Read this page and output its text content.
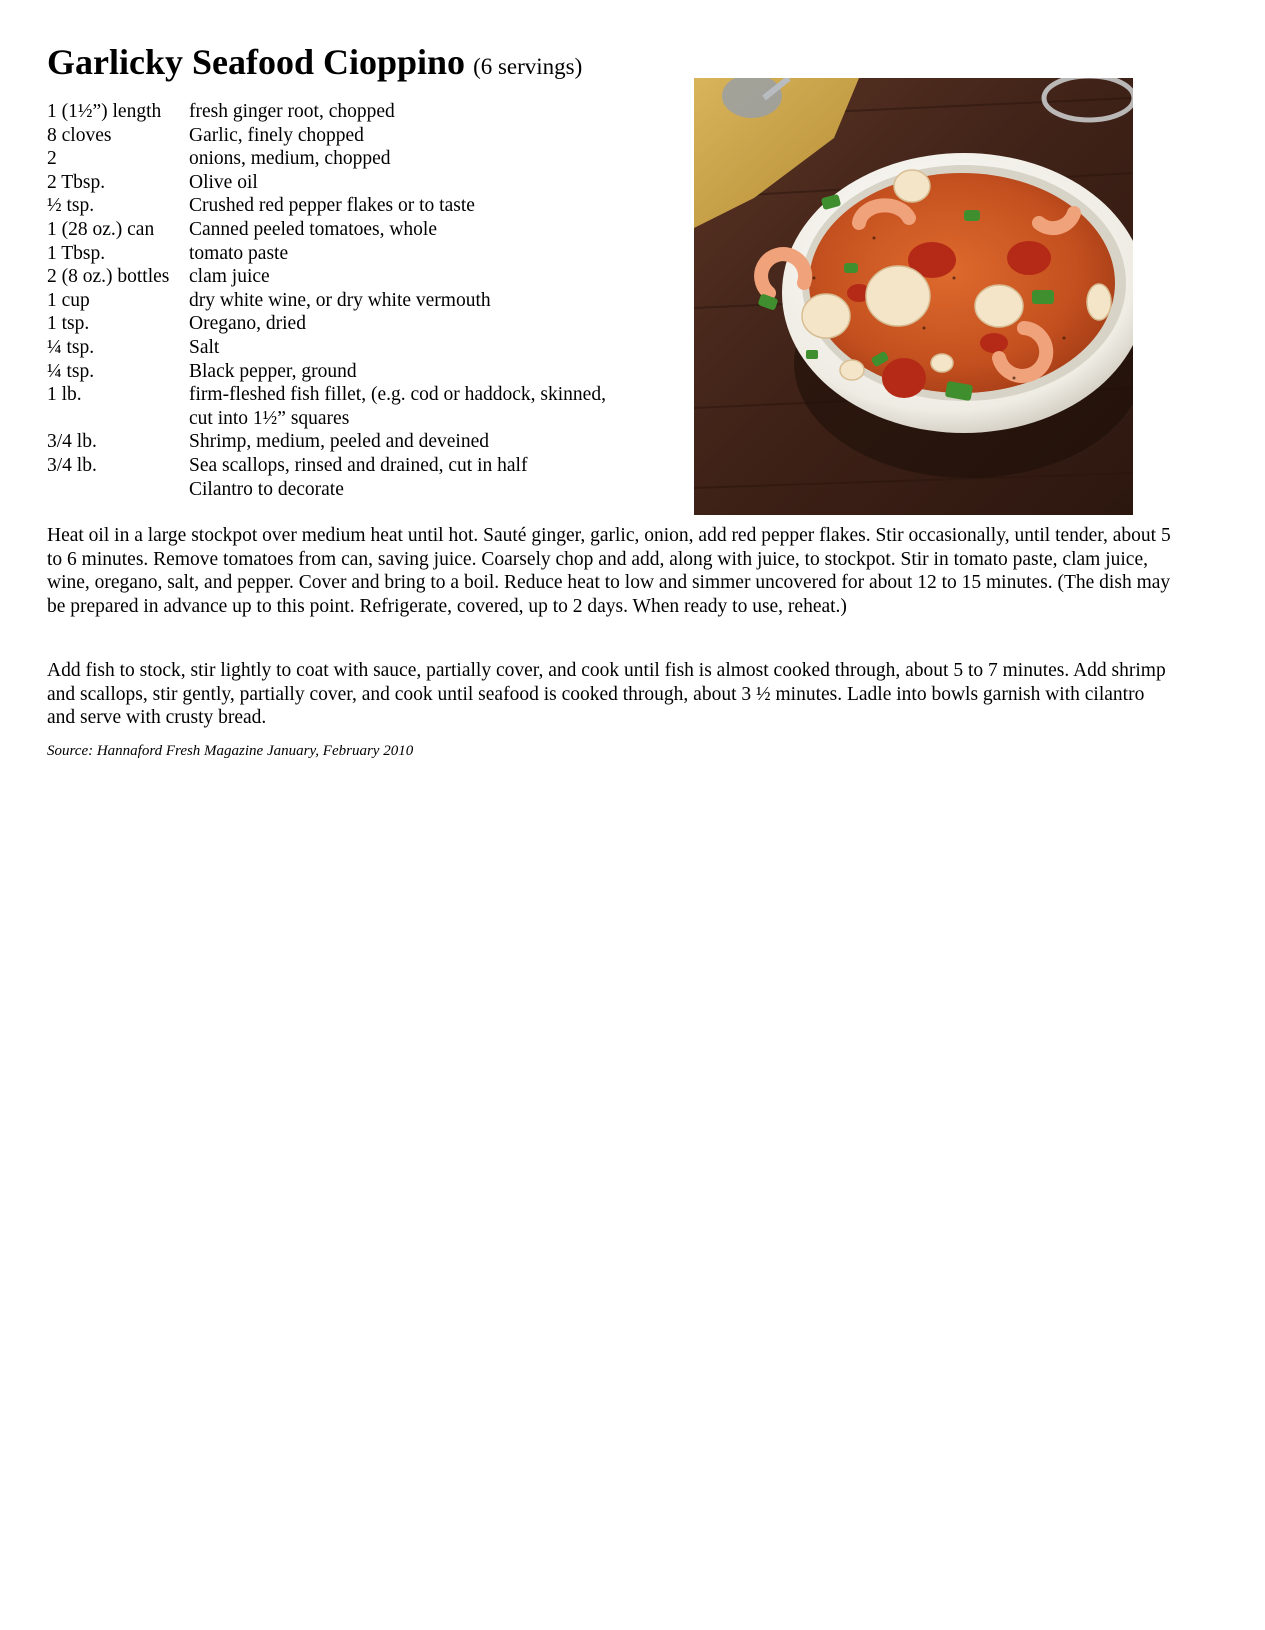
Garlicky Seafood Cioppino (6 servings)
1 (1½”) length	fresh ginger root, chopped
8 cloves	Garlic, finely chopped
2	onions, medium, chopped
2 Tbsp.	Olive oil
½ tsp.	Crushed red pepper flakes or to taste
1 (28 oz.) can	Canned peeled tomatoes, whole
1 Tbsp.	tomato paste
2 (8 oz.) bottles	clam juice
1 cup	dry white wine, or dry white vermouth
1 tsp.	Oregano, dried
¼ tsp.	Salt
¼ tsp.	Black pepper, ground
1 lb.	firm-fleshed fish fillet, (e.g. cod or haddock, skinned, cut into 1½” squares
3/4 lb.	Shrimp, medium, peeled and deveined
3/4 lb.	Sea scallops, rinsed and drained, cut in half
Cilantro to decorate

Heat oil in a large stockpot over medium heat until hot. Sauté ginger, garlic, onion, add red pepper flakes. Stir occasionally, until tender, about 5 to 6 minutes. Remove tomatoes from can, saving juice. Coarsely chop and add, along with juice, to stockpot. Stir in tomato paste, clam juice, wine, oregano, salt, and pepper. Cover and bring to a boil. Reduce heat to low and simmer uncovered for about 12 to 15 minutes. (The dish may be prepared in advance up to this point. Refrigerate, covered, up to 2 days. When ready to use, reheat.)

Add fish to stock, stir lightly to coat with sauce, partially cover, and cook until fish is almost cooked through, about 5 to 7 minutes. Add shrimp and scallops, stir gently, partially cover, and cook until seafood is cooked through, about 3 ½ minutes. Ladle into bowls garnish with cilantro and serve with crusty bread.

Source: Hannaford Fresh Magazine January, February 2010
